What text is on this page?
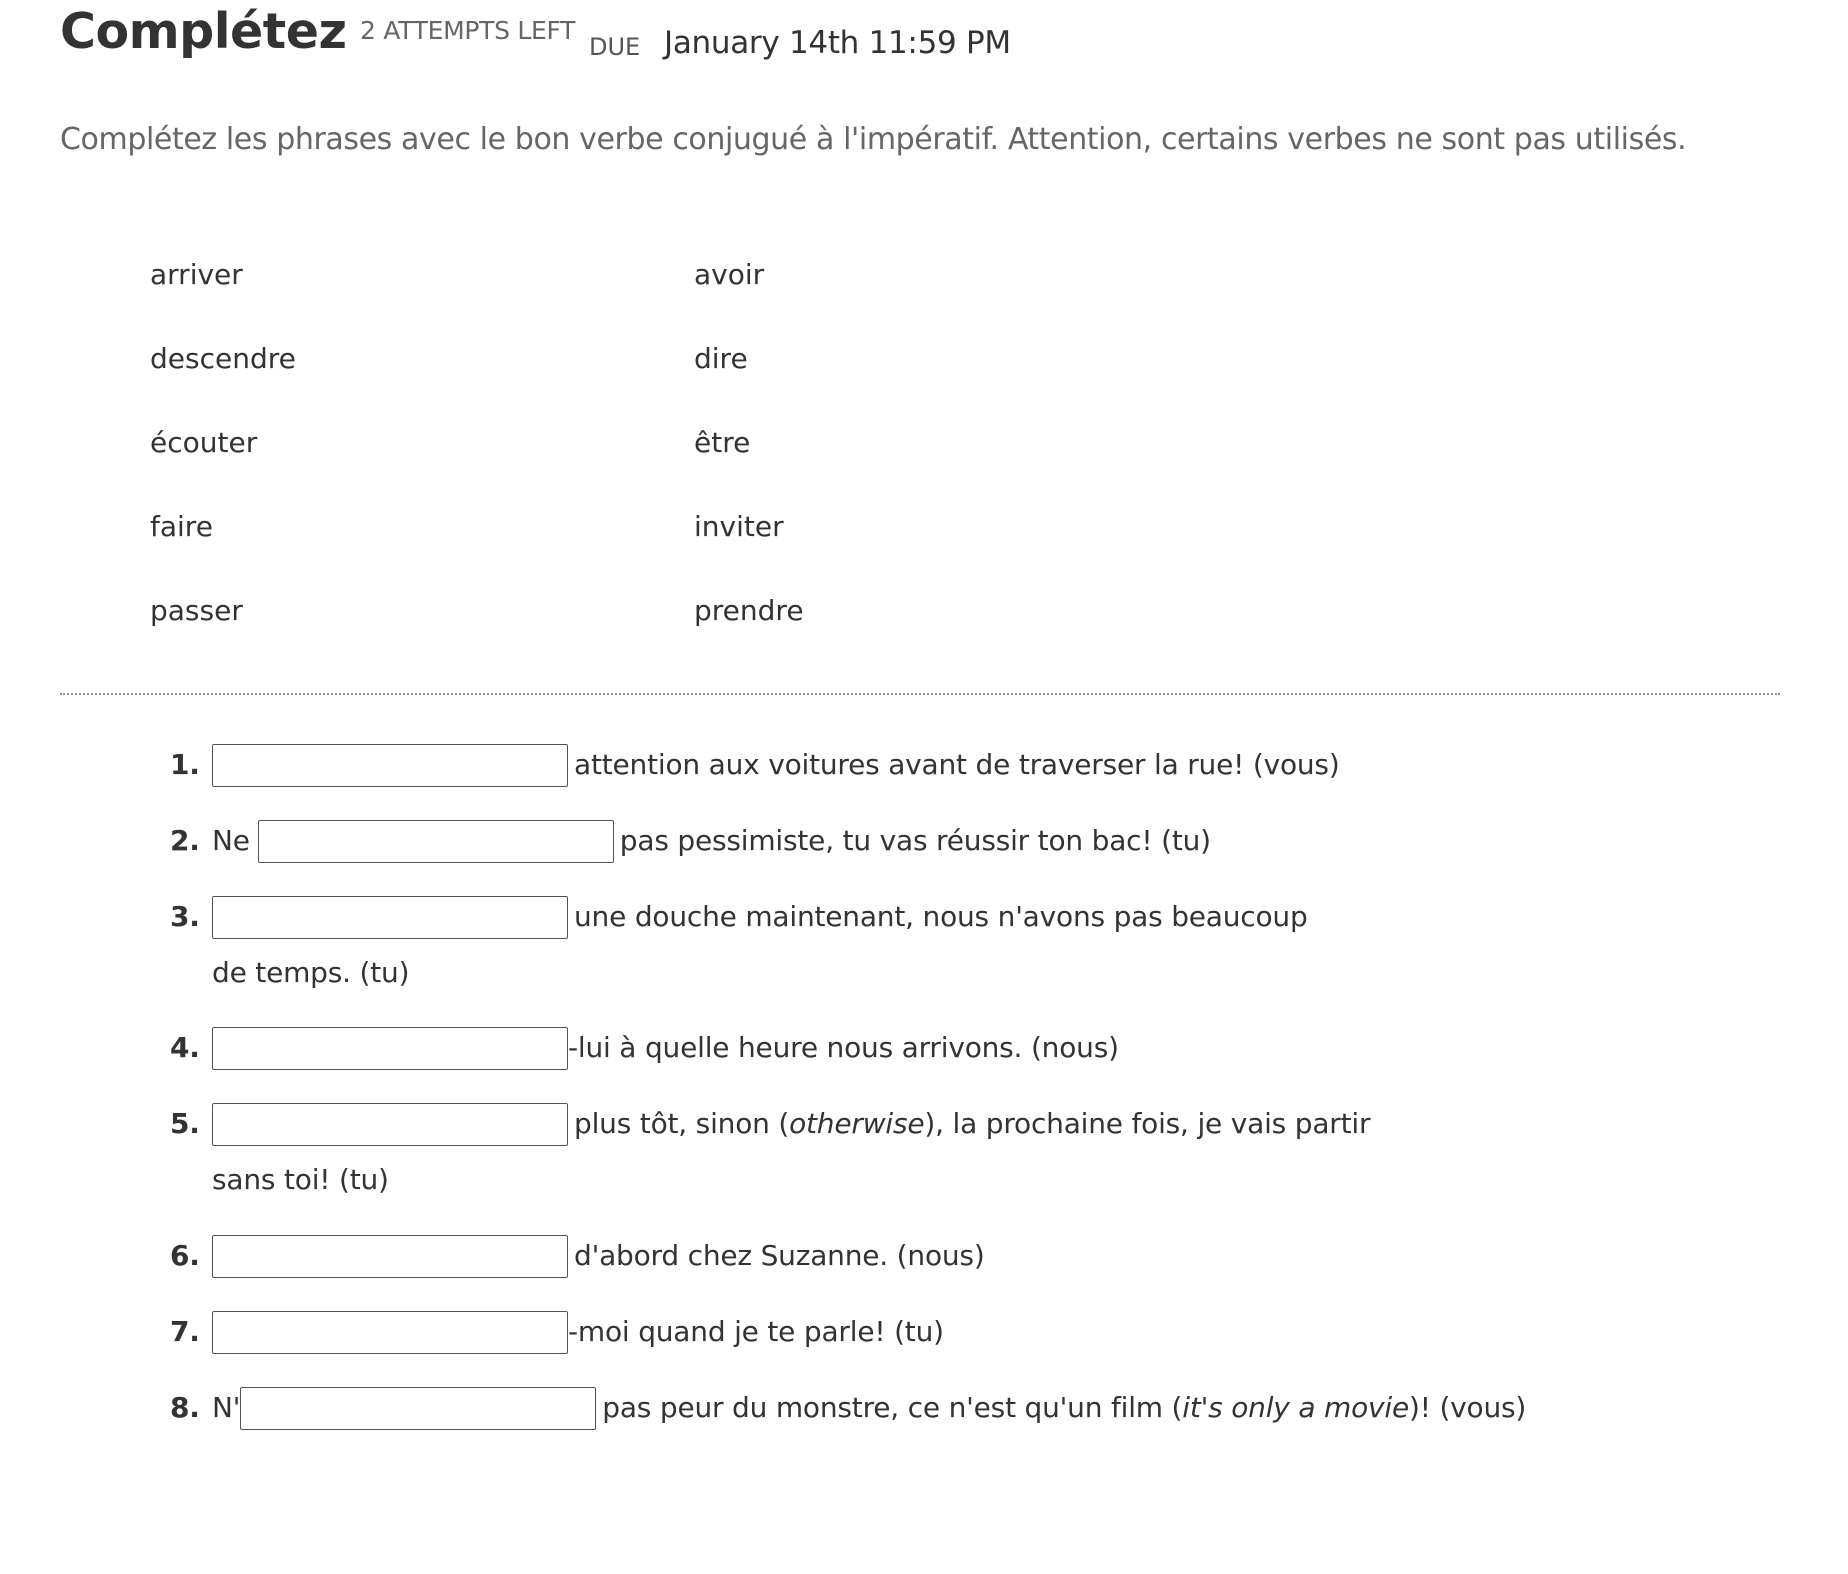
Complétez 2 ATTEMPTS LEFT
DUE January 14th 11:59 PM
Complétez les phrases avec le bon verbe conjugué à l'impératif. Attention, certains verbes ne sont pas utilisés.
arriver	avoir
descendre	dire
écouter	être
faire	inviter
passer	prendre
1.	attention aux voitures avant de traverser la rue! (vous)
2. Ne	pas pessimiste, tu vas réussir ton bac! (tu)
3.	une douche maintenant, nous n'avons pas beaucoup
de temps. (tu)
4.	-lui à quelle heure nous arrivons. (nous)
5.	plus tôt, sinon (otherwise), la prochaine fois, je vais partir
sans toi! (tu)
6.	d'abord chez Suzanne. (nous)
7.	-moi quand je te parle! (tu)
8. N'	pas peur du monstre, ce n'est qu'un film (it's only a movie)! (vous)
